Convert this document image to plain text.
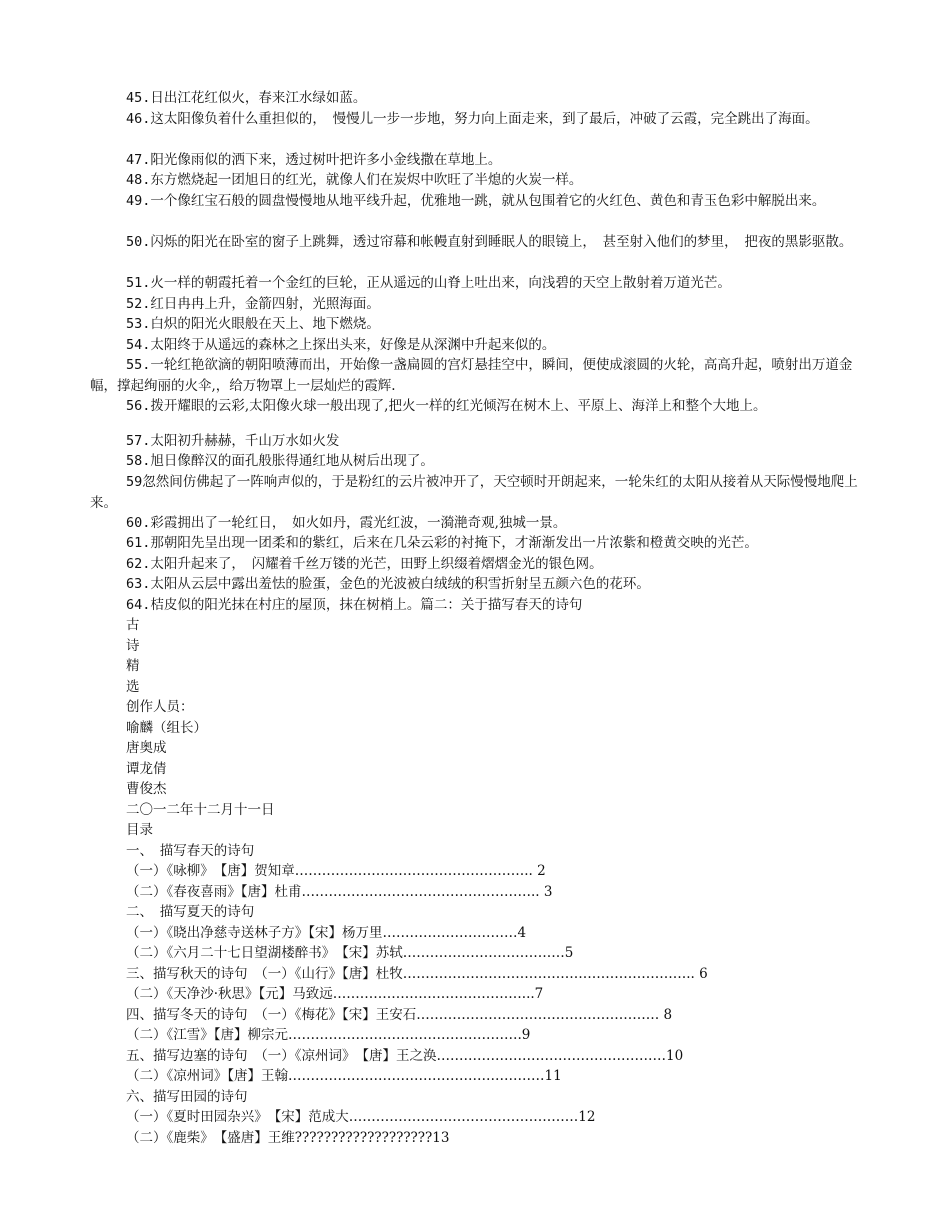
45.日出江花红似火，春来江水绿如蓝。
46.这太阳像负着什么重担似的，　慢慢儿一步一步地，努力向上面走来，到了最后，冲破了云霞，完全跳出了海面。
47.阳光像雨似的洒下来，透过树叶把许多小金线撒在草地上。
48.东方燃烧起一团旭日的红光，就像人们在炭烬中吹旺了半熄的火炭一样。
49.一个像红宝石般的圆盘慢慢地从地平线升起，优雅地一跳，就从包围着它的火红色、黄色和青玉色彩中解脱出来。
50.闪烁的阳光在卧室的窗子上跳舞，透过帘幕和帐幔直射到睡眠人的眼镜上，　甚至射入他们的梦里，　把夜的黑影驱散。
51.火一样的朝霞托着一个金红的巨轮，正从遥远的山脊上吐出来，向浅碧的天空上散射着万道光芒。
52.红日冉冉上升，金箭四射，光照海面。
53.白炽的阳光火眼般在天上、地下燃烧。
54.太阳终于从遥远的森林之上探出头来，好像是从深渊中升起来似的。
55.一轮红艳欲滴的朝阳喷薄而出，开始像一盏扁圆的宫灯悬挂空中，瞬间，便使成滚圆的火轮，高高升起，喷射出万道金幅，撑起绚丽的火伞,，给万物罩上一层灿烂的霞辉.
56.拨开耀眼的云彩,太阳像火球一般出现了,把火一样的红光倾泻在树木上、平原上、海洋上和整个大地上。
57.太阳初升赫赫，千山万水如火发
58.旭日像醉汉的面孔般胀得通红地从树后出现了。
59忽然间仿佛起了一阵响声似的，于是粉红的云片被冲开了，天空顿时开朗起来，一轮朱红的太阳从接着从天际慢慢地爬上来。
60.彩霞拥出了一轮红日，　如火如丹，霞光红波，一漪滟奇观,独城一景。
61.那朝阳先呈出现一团柔和的紫红，后来在几朵云彩的衬掩下，才渐渐发出一片浓紫和橙黄交映的光芒。
62.太阳升起来了，　闪耀着千丝万镂的光芒，田野上织缀着熠熠金光的银色网。
63.太阳从云层中露出羞怯的脸蛋，金色的光波被白绒绒的积雪折射呈五颜六色的花环。
64.桔皮似的阳光抹在村庄的屋顶，抹在树梢上。篇二：关于描写春天的诗句
古
诗
精
选
创作人员：
喻麟（组长）
唐奥成
谭龙倩
曹俊杰
二〇一二年十二月十一日
目录
一、　描写春天的诗句
（一）《咏柳》　【唐】贺知章…………………………………………….. 2
（二）《春夜喜雨》【唐】杜甫…………………………………………….. 3
二、　描写夏天的诗句
（一）《晓出净慈寺送林子方》【宋】杨万里…………………………4
（二）《六月二十七日望湖楼醉书》　【宋】苏轼………………………………5
三、描写秋天的诗句　（一）《山行》【唐】杜牧……………………………………………………….. 6
（二）《天净沙·秋思》【元】马致远……………………………………...7
四、描写冬天的诗句　（一）《梅花》【宋】王安石……………………………………………… 8
（二）《江雪》【唐】柳宗元…………………………………………….9
五、描写边塞的诗句　（一）《凉州词》　【唐】王之涣……………………………………………10
（二）《凉州词》【唐】王翰…………………………………………………11
六、描写田园的诗句
（一）《夏时田园杂兴》　【宋】范成大……………………………………………12
（二）《鹿柴》　【盛唐】王维???????????????????13
